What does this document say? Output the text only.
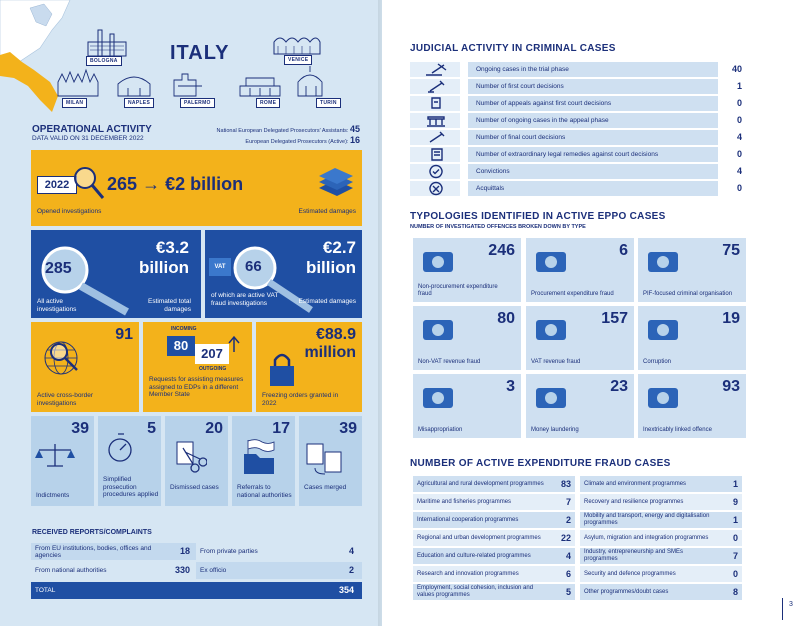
BOLOGNA	VENICE
ITALY
MILAN	NAPLES	PALERMO	ROME	TURIN
OPERATIONAL ACTIVITY
DATA VALID ON 31 DECEMBER 2022
National European Delegated Prosecutors' Assistants: 45
European Delegated Prosecutors (Active): 16
2022	265 → €2 billion
Opened investigations	Estimated damages
285
€3.2 billion
All active investigations
Estimated total damages
VAT	66
€2.7 billion
of which are active VAT fraud investigations	Estimated damages
91
Active cross-border investigations
INCOMING
80
207
OUTGOING
Requests for assisting measures assigned to EDPs in a different Member State
€88.9 million
Freezing orders granted in 2022
39
Indictments
5
Simplified prosecution procedures applied
20
Dismissed cases
17
Referrals to national authorities
39
Cases merged
RECEIVED REPORTS/COMPLAINTS
From EU institutions, bodies, offices and agencies	18 From private parties	4
From national authorities	330 Ex officio	2
TOTAL	354
JUDICIAL ACTIVITY IN CRIMINAL CASES
Ongoing cases in the trial phase	40
Number of first court decisions	1
Number of appeals against first court decisions	0
Number of ongoing cases in the appeal phase	0
Number of final court decisions	4
Number of extraordinary legal remedies against court decisions	0
Convictions	4
Acquittals	0
TYPOLOGIES IDENTIFIED IN ACTIVE EPPO CASES
NUMBER OF INVESTIGATED OFFENCES BROKEN DOWN BY TYPE
246
Non-procurement expenditure fraud
6
Procurement expenditure fraud
75
PIF-focused criminal organisation
80
Non-VAT revenue fraud
157
VAT revenue fraud
19
Corruption
3
Misappropriation
23
Money laundering
93
Inextricably linked offence
NUMBER OF ACTIVE EXPENDITURE FRAUD CASES
Agricultural and rural development programmes	83
Maritime and fisheries programmes	7
International cooperation programmes	2
Regional and urban development programmes	22
Education and culture-related programmes	4
Research and innovation programmes	6
Employment, social cohesion, inclusion and values programmes	5
Climate and environment programmes	1
Recovery and resilience programmes	9
Mobility and transport, energy and digitalisation programmes	1
Asylum, migration and integration programmes	0
Industry, entrepreneurship and SMEs programmes	7
Security and defence programmes	0
Other programmes/doubt cases	8
3
